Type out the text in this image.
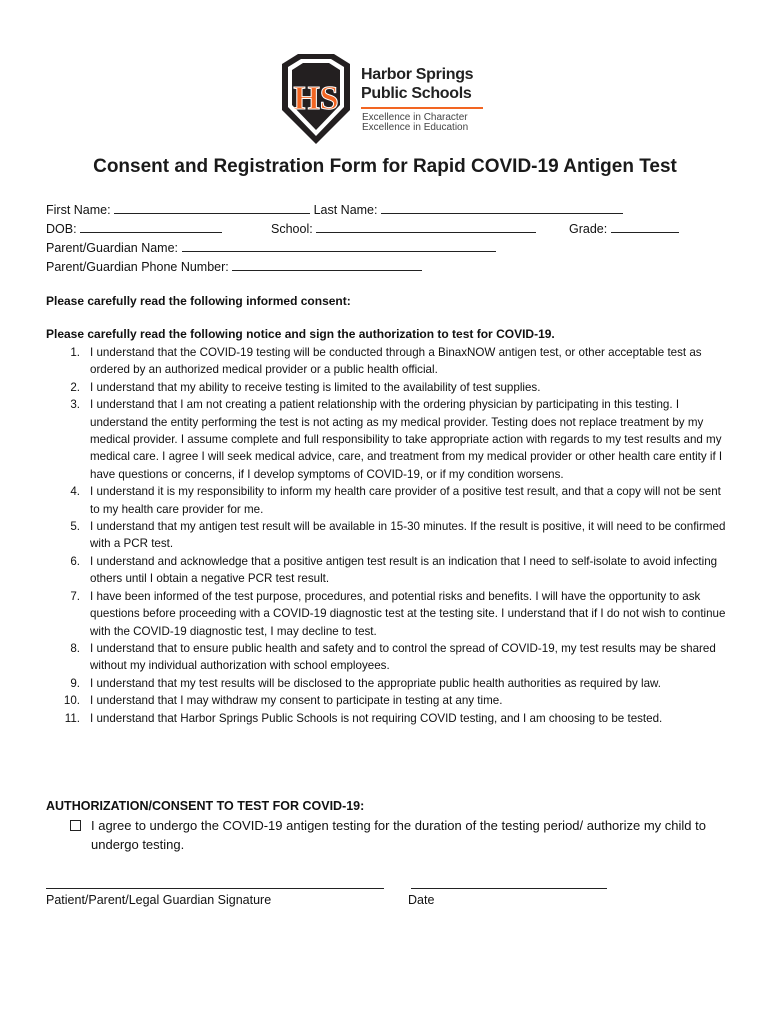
HS
Harbor Springs
Public Schools
Excellence in Character
Excellence in Education
Consent and Registration Form for Rapid COVID-19 Antigen Test
First Name:	Last Name:
DOB:	School:	Grade:
Parent/Guardian Name:
Parent/Guardian Phone Number:
Please carefully read the following informed consent:
Please carefully read the following notice and sign the authorization to test for COVID-19.
1. I understand that the COVID-19 testing will be conducted through a BinaxNOW antigen test, or other acceptable test as ordered by an authorized medical provider or a public health official.
2. I understand that my ability to receive testing is limited to the availability of test supplies.
3. I understand that I am not creating a patient relationship with the ordering physician by participating in this testing. I understand the entity performing the test is not acting as my medical provider. Testing does not replace treatment by my medical provider. I assume complete and full responsibility to take appropriate action with regards to my test results and my medical care. I agree I will seek medical advice, care, and treatment from my medical provider or other health care entity if I have questions or concerns, if I develop symptoms of COVID-19, or if my condition worsens.
4. I understand it is my responsibility to inform my health care provider of a positive test result, and that a copy will not be sent to my health care provider for me.
5. I understand that my antigen test result will be available in 15-30 minutes. If the result is positive, it will need to be confirmed with a PCR test.
6. I understand and acknowledge that a positive antigen test result is an indication that I need to self-isolate to avoid infecting others until I obtain a negative PCR test result.
7. I have been informed of the test purpose, procedures, and potential risks and benefits. I will have the opportunity to ask questions before proceeding with a COVID-19 diagnostic test at the testing site. I understand that if I do not wish to continue with the COVID-19 diagnostic test, I may decline to test.
8. I understand that to ensure public health and safety and to control the spread of COVID-19, my test results may be shared without my individual authorization with school employees.
9. I understand that my test results will be disclosed to the appropriate public health authorities as required by law.
10. I understand that I may withdraw my consent to participate in testing at any time.
11. I understand that Harbor Springs Public Schools is not requiring COVID testing, and I am choosing to be tested.
AUTHORIZATION/CONSENT TO TEST FOR COVID-19:
I agree to undergo the COVID-19 antigen testing for the duration of the testing period/ authorize my child to undergo testing.
Patient/Parent/Legal Guardian Signature	Date
